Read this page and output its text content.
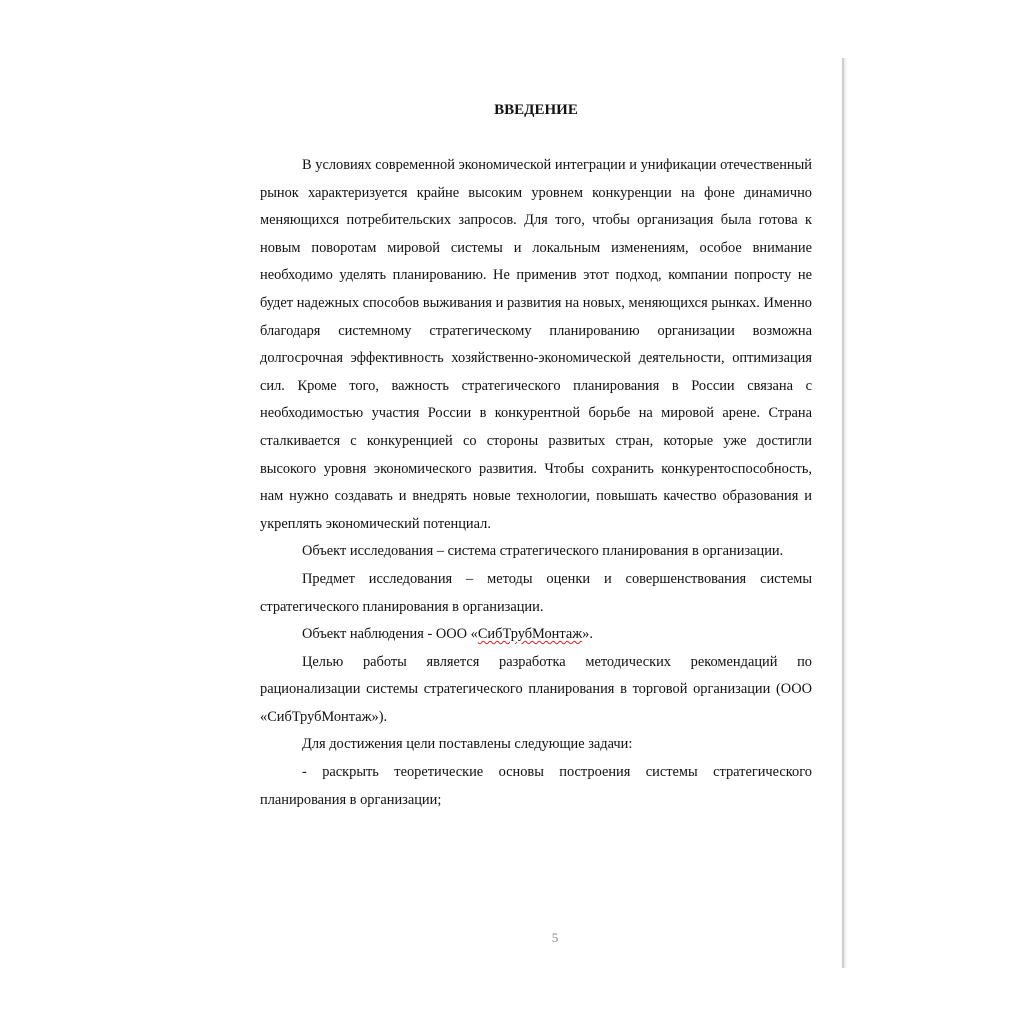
ВВЕДЕНИЕ

В условиях современной экономической интеграции и унификации отечественный рынок характеризуется крайне высоким уровнем конкуренции на фоне динамично меняющихся потребительских запросов. Для того, чтобы организация была готова к новым поворотам мировой системы и локальным изменениям, особое внимание необходимо уделять планированию. Не применив этот подход, компании попросту не будет надежных способов выживания и развития на новых, меняющихся рынках. Именно благодаря системному стратегическому планированию организации возможна долгосрочная эффективность хозяйственно-экономической деятельности, оптимизация сил. Кроме того, важность стратегического планирования в России связана с необходимостью участия России в конкурентной борьбе на мировой арене. Страна сталкивается с конкуренцией со стороны развитых стран, которые уже достигли высокого уровня экономического развития. Чтобы сохранить конкурентоспособность, нам нужно создавать и внедрять новые технологии, повышать качество образования и укреплять экономический потенциал.

Объект исследования – система стратегического планирования в организации.

Предмет исследования – методы оценки и совершенствования системы стратегического планирования в организации.

Объект наблюдения - ООО «СибТрубМонтаж».

Целью работы является разработка методических рекомендаций по рационализации системы стратегического планирования в торговой организации (ООО «СибТрубМонтаж»).

Для достижения цели поставлены следующие задачи:

- раскрыть теоретические основы построения системы стратегического планирования в организации;

5
